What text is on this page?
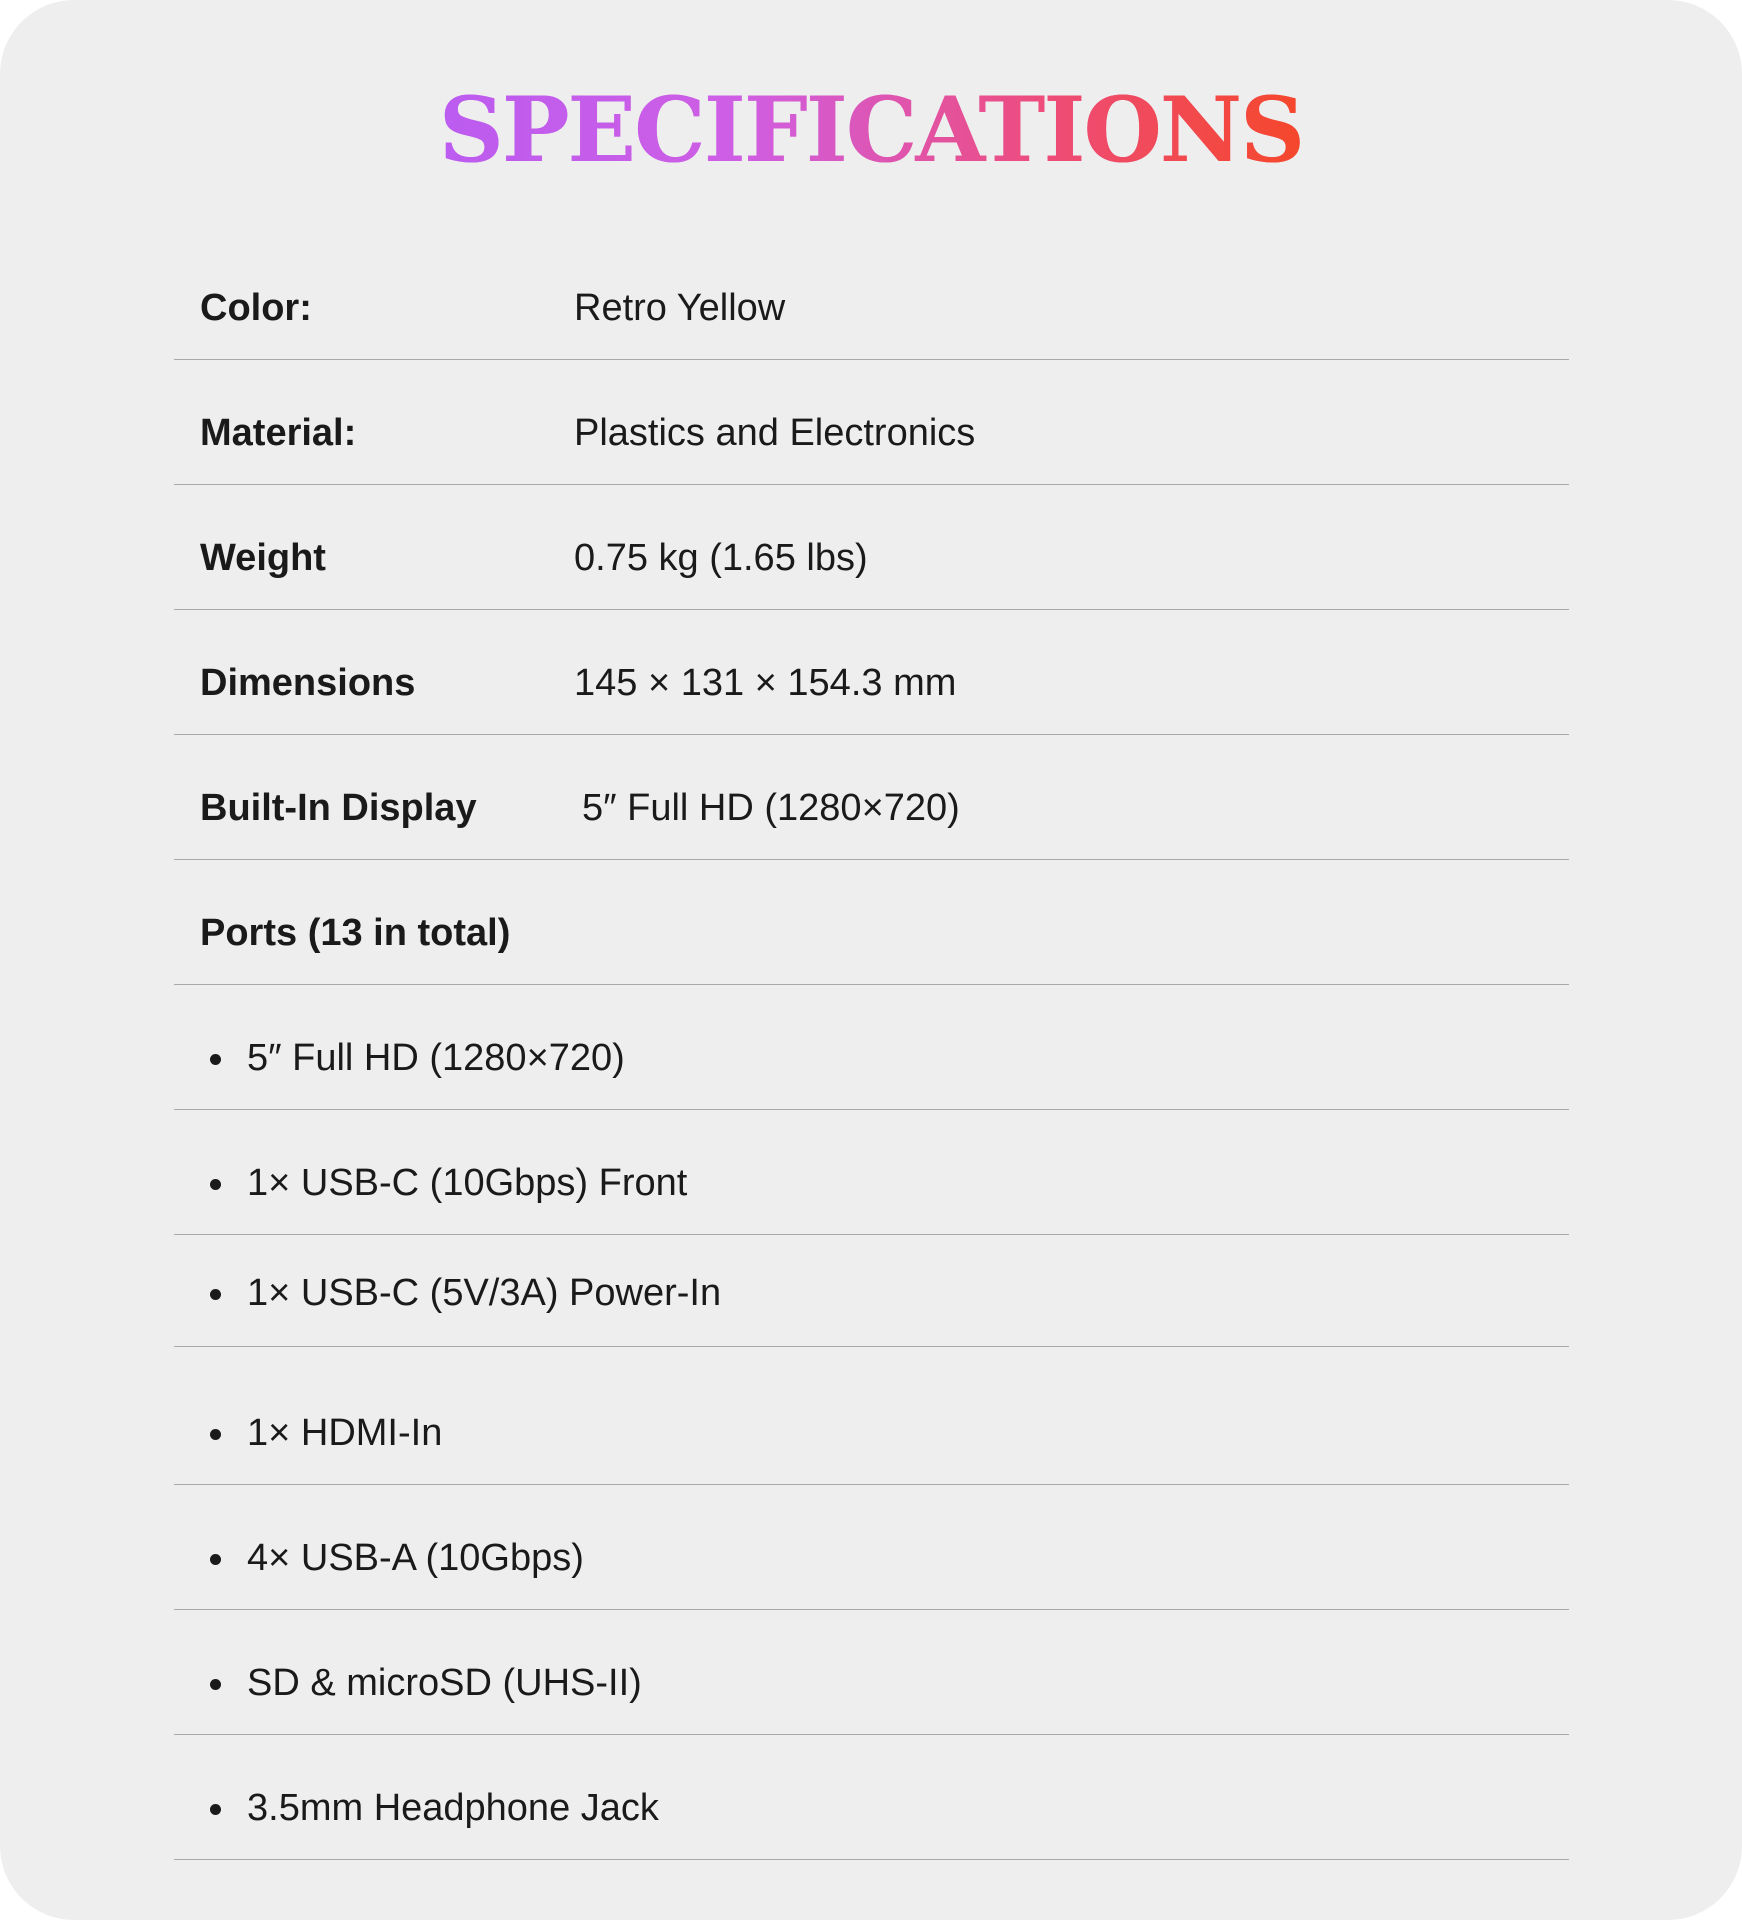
SPECIFICATIONS
Color:	Retro Yellow
Material:	Plastics and Electronics
Weight	0.75 kg (1.65 lbs)
Dimensions	145 × 131 × 154.3 mm
Built-In Display	5″ Full HD (1280×720)
Ports (13 in total)
5″ Full HD (1280×720)
1× USB-C (10Gbps) Front
1× USB-C (5V/3A) Power-In
1× HDMI-In
4× USB-A (10Gbps)
SD & microSD (UHS-II)
3.5mm Headphone Jack
